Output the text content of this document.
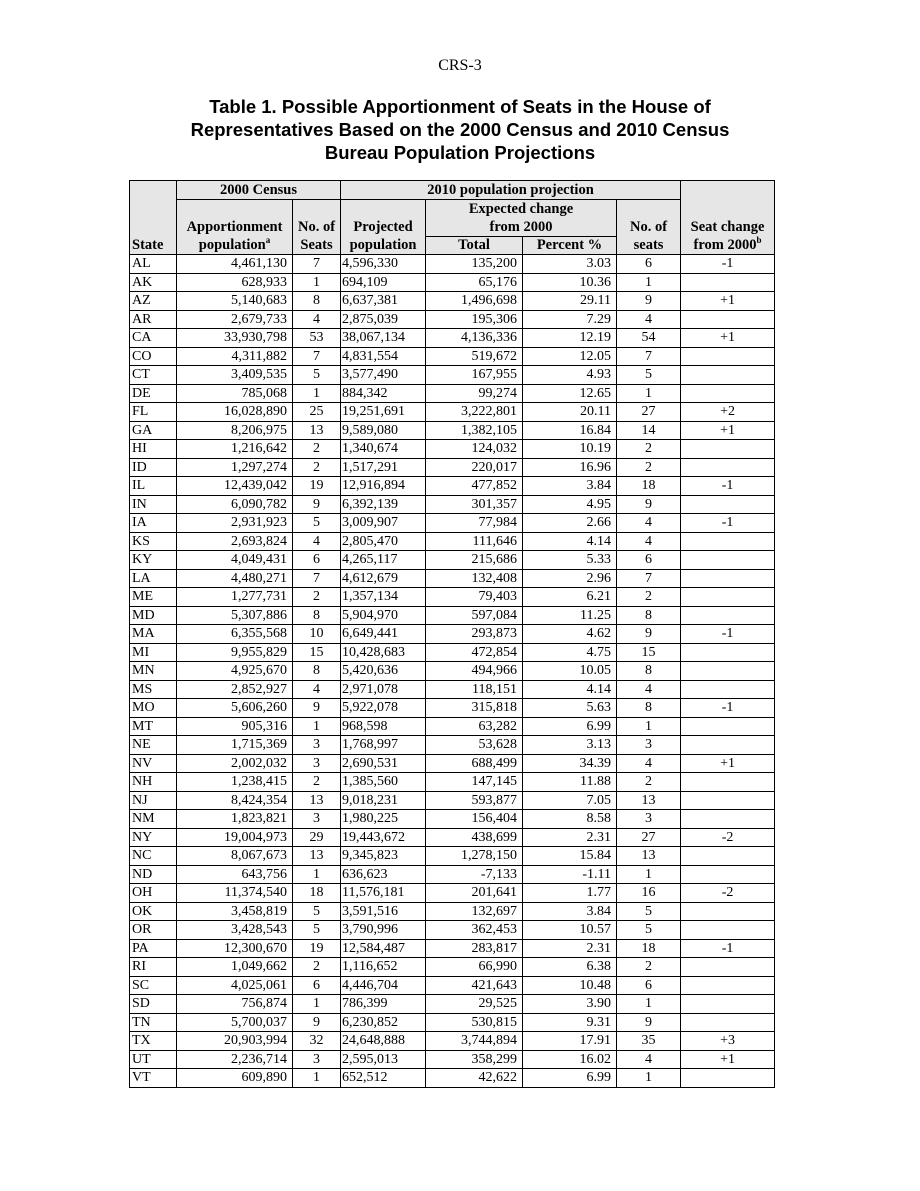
CRS-3
Table 1. Possible Apportionment of Seats in the House of
Representatives Based on the 2000 Census and 2010 Census
Bureau Population Projections
State	2000 Census		2010 population projection				Seat change from 2000$^b$
	Apportionment population$^a$	No. of Seats	Projected population	Expected change from 2000		No. of seats	
				Total	Percent %		
AL	4,461,130	7	4,596,330	135,200	3.03	6	-1
AK	628,933	1	694,109	65,176	10.36	1	
AZ	5,140,683	8	6,637,381	1,496,698	29.11	9	+1
AR	2,679,733	4	2,875,039	195,306	7.29	4	
CA	33,930,798	53	38,067,134	4,136,336	12.19	54	+1
CO	4,311,882	7	4,831,554	519,672	12.05	7	
CT	3,409,535	5	3,577,490	167,955	4.93	5	
DE	785,068	1	884,342	99,274	12.65	1	
FL	16,028,890	25	19,251,691	3,222,801	20.11	27	+2
GA	8,206,975	13	9,589,080	1,382,105	16.84	14	+1
HI	1,216,642	2	1,340,674	124,032	10.19	2	
ID	1,297,274	2	1,517,291	220,017	16.96	2	
IL	12,439,042	19	12,916,894	477,852	3.84	18	-1
IN	6,090,782	9	6,392,139	301,357	4.95	9	
IA	2,931,923	5	3,009,907	77,984	2.66	4	-1
KS	2,693,824	4	2,805,470	111,646	4.14	4	
KY	4,049,431	6	4,265,117	215,686	5.33	6	
LA	4,480,271	7	4,612,679	132,408	2.96	7	
ME	1,277,731	2	1,357,134	79,403	6.21	2	
MD	5,307,886	8	5,904,970	597,084	11.25	8	
MA	6,355,568	10	6,649,441	293,873	4.62	9	-1
MI	9,955,829	15	10,428,683	472,854	4.75	15	
MN	4,925,670	8	5,420,636	494,966	10.05	8	
MS	2,852,927	4	2,971,078	118,151	4.14	4	
MO	5,606,260	9	5,922,078	315,818	5.63	8	-1
MT	905,316	1	968,598	63,282	6.99	1	
NE	1,715,369	3	1,768,997	53,628	3.13	3	
NV	2,002,032	3	2,690,531	688,499	34.39	4	+1
NH	1,238,415	2	1,385,560	147,145	11.88	2	
NJ	8,424,354	13	9,018,231	593,877	7.05	13	
NM	1,823,821	3	1,980,225	156,404	8.58	3	
NY	19,004,973	29	19,443,672	438,699	2.31	27	-2
NC	8,067,673	13	9,345,823	1,278,150	15.84	13	
ND	643,756	1	636,623	-7,133	-1.11	1	
OH	11,374,540	18	11,576,181	201,641	1.77	16	-2
OK	3,458,819	5	3,591,516	132,697	3.84	5	
OR	3,428,543	5	3,790,996	362,453	10.57	5	
PA	12,300,670	19	12,584,487	283,817	2.31	18	-1
RI	1,049,662	2	1,116,652	66,990	6.38	2	
SC	4,025,061	6	4,446,704	421,643	10.48	6	
SD	756,874	1	786,399	29,525	3.90	1	
TN	5,700,037	9	6,230,852	530,815	9.31	9	
TX	20,903,994	32	24,648,888	3,744,894	17.91	35	+3
UT	2,236,714	3	2,595,013	358,299	16.02	4	+1
VT	609,890	1	652,512	42,622	6.99	1	
